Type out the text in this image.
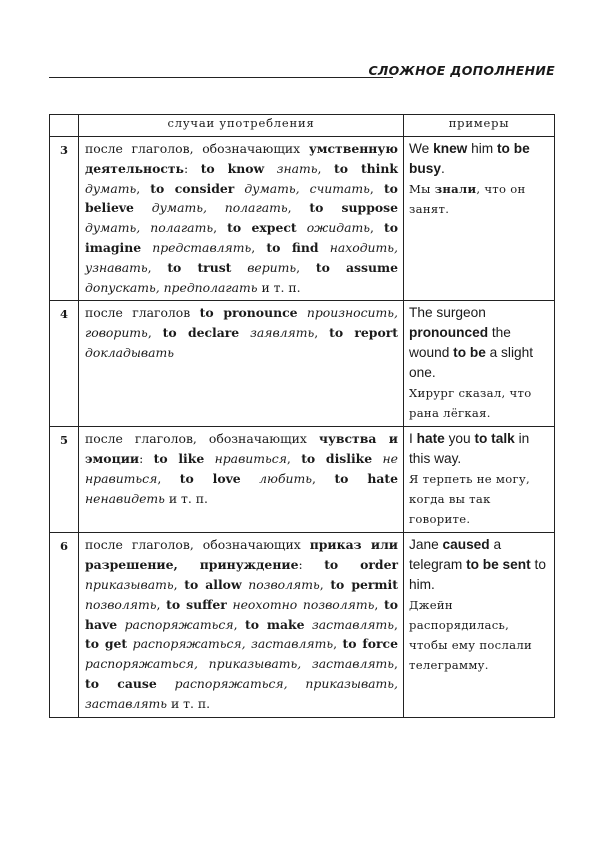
СЛОЖНОЕ ДОПОЛНЕНИЕ
	случаи употребления	примеры
3	после глаголов, обозначающих умственную деятельность: to know знать, to think думать, to consider думать, считать, to believe думать, полагать, to suppose думать, полагать, to expect ожидать, to imagine представлять, to find находить, узнавать, to trust верить, to assume допускать, предполагать и т. п.	We knew him to be busy.
Мы знали, что он занят.

4	после глаголов to pronounce произносить, говорить, to declare заявлять, to report докладывать	The surgeon pronounced the wound to be a slight one.
Хирург сказал, что рана лёгкая.

5	после глаголов, обозначающих чувства и эмоции: to like нравиться, to dislike не нравиться, to love любить, to hate ненавидеть и т. п.	I hate you to talk in this way.
Я терпеть не могу, когда вы так говорите.

6	после глаголов, обозначающих приказ или разрешение, принуждение: to order приказывать, to allow позволять, to permit позволять, to suffer неохотно позволять, to have распоряжаться, to make заставлять, to get распоряжаться, заставлять, to force распоряжаться, приказывать, заставлять, to cause распоряжаться, приказывать, заставлять и т. п.	Jane caused a telegram to be sent to him.
Джейн распорядилась, чтобы ему послали телеграмму.
